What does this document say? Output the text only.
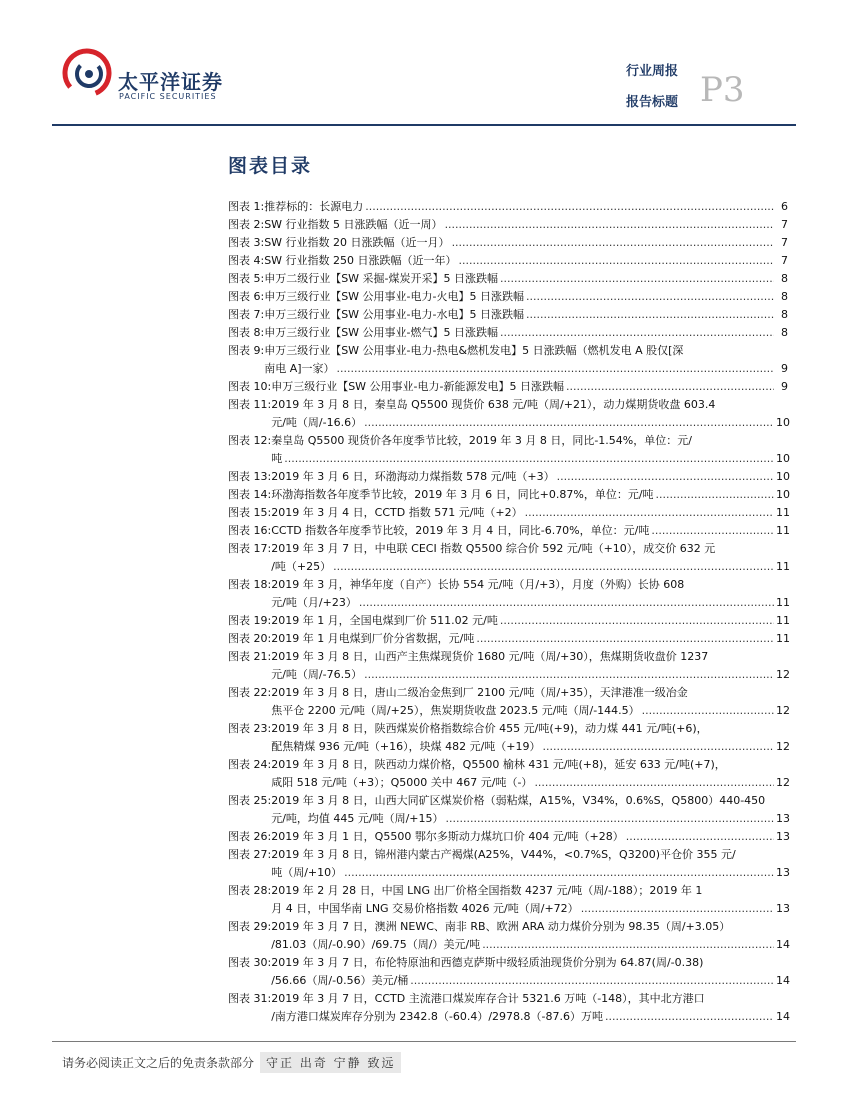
太平洋证券
PACIFIC SECURITIES
行业周报
报告标题 P3
图表目录
图表 1: 推荐标的：长源电力 .....	6
图表 2: SW 行业指数 5 日涨跌幅（近一周） .....	7
图表 3: SW 行业指数 20 日涨跌幅（近一月） .....	7
图表 4: SW 行业指数 250 日涨跌幅（近一年） .....	7
图表 5: 申万二级行业【SW 采掘-煤炭开采】5 日涨跌幅 .....	8
图表 6: 申万三级行业【SW 公用事业-电力-火电】5 日涨跌幅 .....	8
图表 7: 申万三级行业【SW 公用事业-电力-水电】5 日涨跌幅 .....	8
图表 8: 申万三级行业【SW 公用事业-燃气】5 日涨跌幅 .....	8
图表 9: 申万三级行业【SW 公用事业-电力-热电&燃机发电】5 日涨跌幅（燃机发电 A 股仅[深
南电 A]一家） .....	9
图表 10: 申万三级行业【SW 公用事业-电力-新能源发电】5 日涨跌幅 .....	9
图表 11: 2019 年 3 月 8 日，秦皇岛 Q5500 现货价 638 元/吨（周/+21），动力煤期货收盘 603.4
元/吨（周/-16.6） .....	10
图表 12: 秦皇岛 Q5500 现货价各年度季节比较，2019 年 3 月 8 日，同比-1.54%，单位：元/
吨 .....	10
图表 13: 2019 年 3 月 6 日，环渤海动力煤指数 578 元/吨（+3） .....	10
图表 14: 环渤海指数各年度季节比较，2019 年 3 月 6 日，同比+0.87%，单位：元/吨 .....	10
图表 15: 2019 年 3 月 4 日，CCTD 指数 571 元/吨（+2） .....	11
图表 16: CCTD 指数各年度季节比较，2019 年 3 月 4 日，同比-6.70%，单位：元/吨 .....	11
图表 17: 2019 年 3 月 7 日，中电联 CECI 指数 Q5500 综合价 592 元/吨（+10），成交价 632 元
/吨（+25） .....	11
图表 18: 2019 年 3 月，神华年度（自产）长协 554 元/吨（月/+3），月度（外购）长协 608
元/吨（月/+23） .....	11
图表 19: 2019 年 1 月，全国电煤到厂价 511.02 元/吨 .....	11
图表 20: 2019 年 1 月电煤到厂价分省数据，元/吨 .....	11
图表 21: 2019 年 3 月 8 日，山西产主焦煤现货价 1680 元/吨（周/+30），焦煤期货收盘价 1237
元/吨（周/-76.5） .....	12
图表 22: 2019 年 3 月 8 日，唐山二级冶金焦到厂 2100 元/吨（周/+35），天津港准一级冶金
焦平仓 2200 元/吨（周/+25），焦炭期货收盘 2023.5 元/吨（周/-144.5） .....	12
图表 23: 2019 年 3 月 8 日，陕西煤炭价格指数综合价 455 元/吨(+9)，动力煤 441 元/吨(+6)，
配焦精煤 936 元/吨（+16），块煤 482 元/吨（+19） .....	12
图表 24: 2019 年 3 月 8 日，陕西动力煤价格，Q5500 榆林 431 元/吨(+8)，延安 633 元/吨(+7)，
咸阳 518 元/吨（+3）；Q5000 关中 467 元/吨（-） .....	12
图表 25: 2019 年 3 月 8 日，山西大同矿区煤炭价格（弱粘煤，A15%，V34%，0.6%S，Q5800）440-450
元/吨，均值 445 元/吨（周/+15） .....	13
图表 26: 2019 年 3 月 1 日，Q5500 鄂尔多斯动力煤坑口价 404 元/吨（+28） .....	13
图表 27: 2019 年 3 月 8 日，锦州港内蒙古产褐煤(A25%，V44%，<0.7%S，Q3200)平仓价 355 元/
吨（周/+10） .....	13
图表 28: 2019 年 2 月 28 日，中国 LNG 出厂价格全国指数 4237 元/吨（周/-188）；2019 年 1
月 4 日，中国华南 LNG 交易价格指数 4026 元/吨（周/+72） .....	13
图表 29: 2019 年 3 月 7 日，澳洲 NEWC、南非 RB、欧洲 ARA 动力煤价分别为 98.35（周/+3.05）
/81.03（周/-0.90）/69.75（周/）美元/吨 .....	14
图表 30: 2019 年 3 月 7 日，布伦特原油和西德克萨斯中级轻质油现货价分别为 64.87(周/-0.38)
/56.66（周/-0.56）美元/桶 .....	14
图表 31: 2019 年 3 月 7 日，CCTD 主流港口煤炭库存合计 5321.6 万吨（-148），其中北方港口
/南方港口煤炭库存分别为 2342.8（-60.4）/2978.8（-87.6）万吨 .....	14
请务必阅读正文之后的免责条款部分	守正 出奇 宁静 致远
